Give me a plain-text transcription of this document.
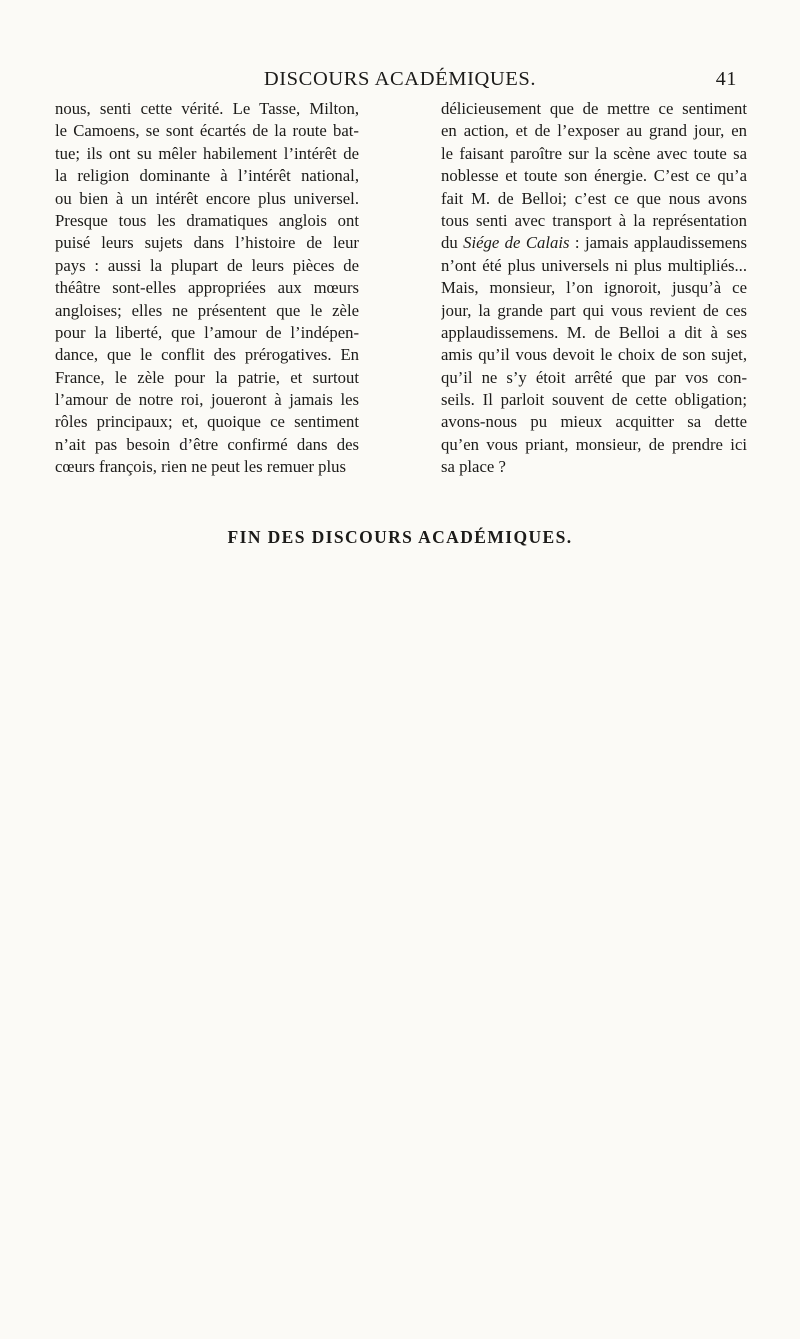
DISCOURS ACADÉMIQUES.	41
nous, senti cette vérité. Le Tasse, Milton,
le Camoens, se sont écartés de la route bat-
tue; ils ont su mêler habilement l’intérêt de
la religion dominante à l’intérêt national,
ou bien à un intérêt encore plus universel.
Presque tous les dramatiques anglois ont
puisé leurs sujets dans l’histoire de leur
pays : aussi la plupart de leurs pièces de
théâtre sont-elles appropriées aux mœurs
angloises; elles ne présentent que le zèle
pour la liberté, que l’amour de l’indépen-
dance, que le conflit des prérogatives. En
France, le zèle pour la patrie, et surtout
l’amour de notre roi, joueront à jamais les
rôles principaux; et, quoique ce sentiment
n’ait pas besoin d’être confirmé dans des
cœurs françois, rien ne peut les remuer plus
délicieusement que de mettre ce sentiment
en action, et de l’exposer au grand jour, en
le faisant paroître sur la scène avec toute sa
noblesse et toute son énergie. C’est ce qu’a
fait M. de Belloi; c’est ce que nous avons
tous senti avec transport à la représentation
du Siége de Calais : jamais applaudissemens
n’ont été plus universels ni plus multipliés...
Mais, monsieur, l’on ignoroit, jusqu’à ce
jour, la grande part qui vous revient de ces
applaudissemens. M. de Belloi a dit à ses
amis qu’il vous devoit le choix de son sujet,
qu’il ne s’y étoit arrêté que par vos con-
seils. Il parloit souvent de cette obligation;
avons-nous pu mieux acquitter sa dette
qu’en vous priant, monsieur, de prendre ici
sa place ?
FIN DES DISCOURS ACADÉMIQUES.
